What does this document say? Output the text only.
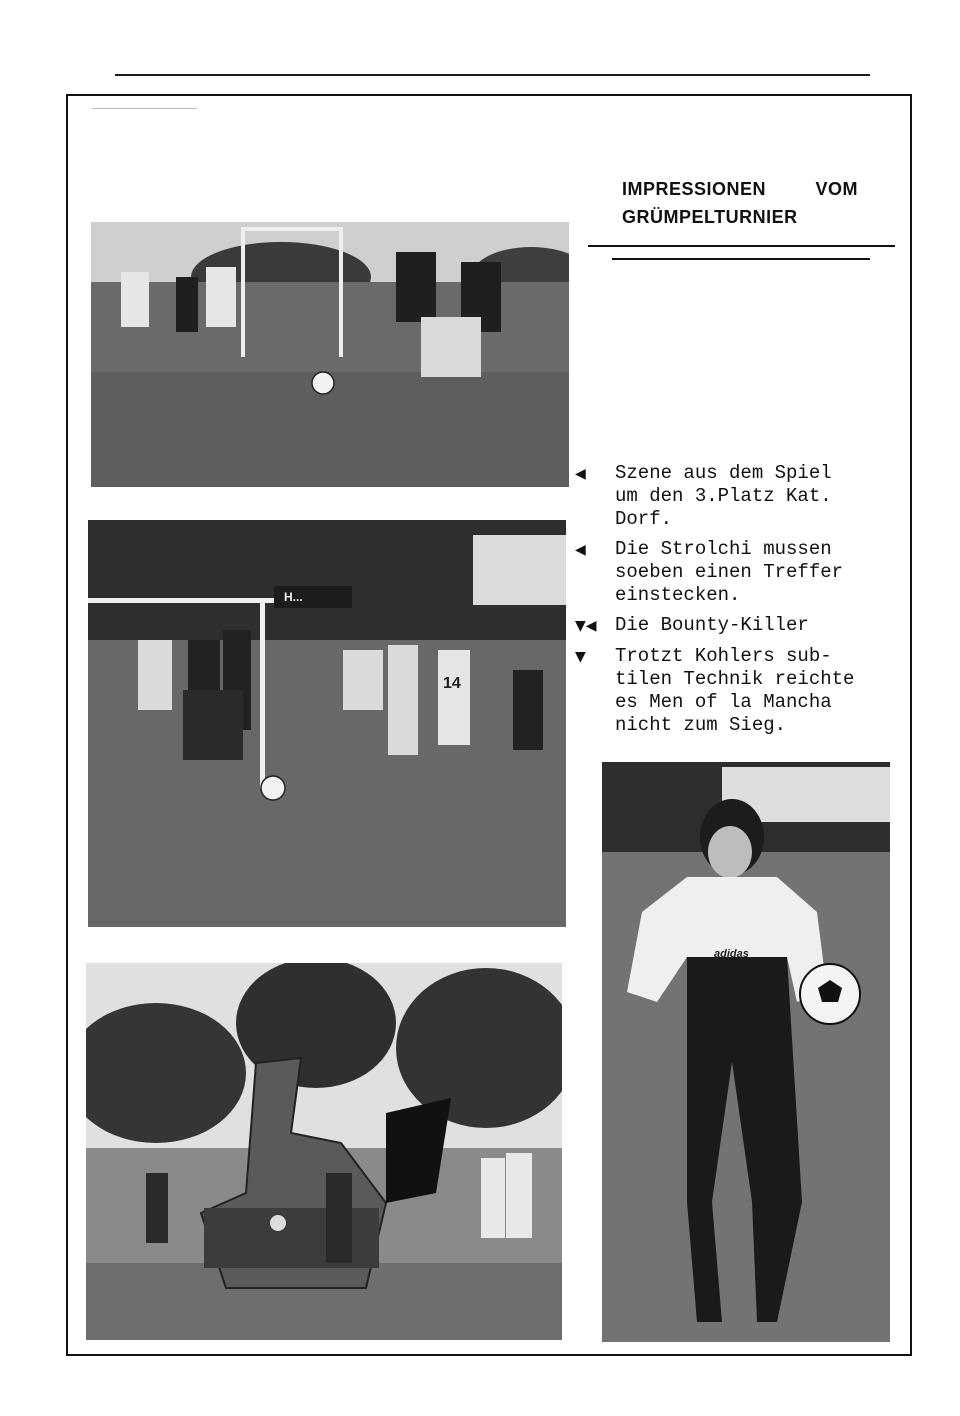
IMPRESSIONEN	VOM
GRÜMPELTURNIER
◀	Szene aus dem Spiel
um den 3.Platz Kat.
Dorf.
◀	Die Strolchi mussen
soeben einen Treffer
einstecken.
▼◀ Die Bounty-Killer
▼	Trotzt Kohlers sub-
tilen Technik reichte
es Men of la Mancha
nicht zum Sieg.
H...
14
adidas
